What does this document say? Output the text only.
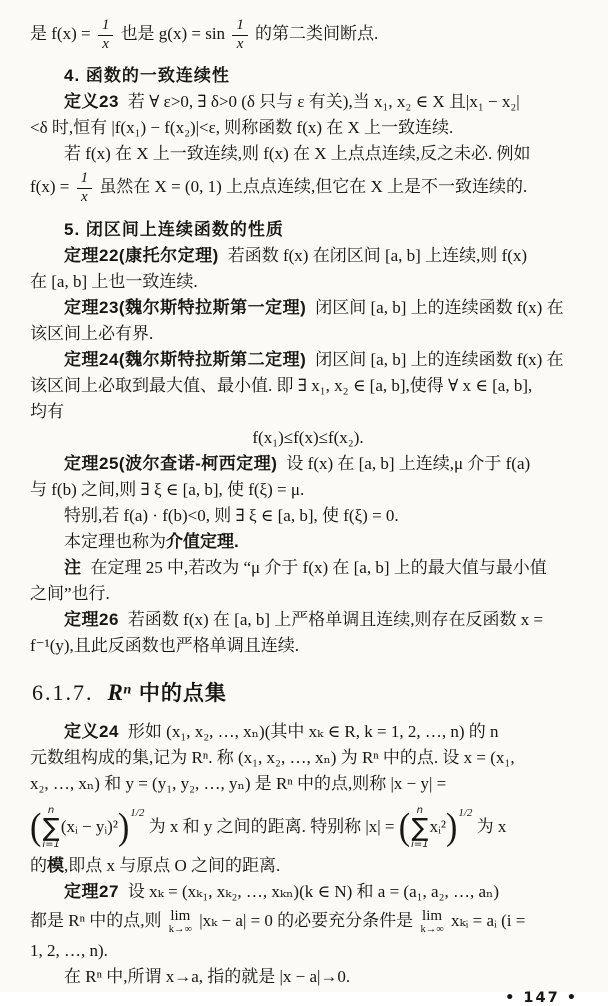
是 $f(x) = \frac{1}{x}$ 也是 $g(x) = \sin \frac{1}{x}$ 的第二类间断点.
4. 函数的一致连续性
定义23 若 ∀ ε>0, ∃ δ>0 (δ 只与 ε 有关),当 x₁, x₂ ∈ X 且|x₁ − x₂|
<δ 时,恒有 |f(x₁) − f(x₂)|<ε, 则称函数 f(x) 在 X 上一致连续.
若 f(x) 在 X 上一致连续,则 f(x) 在 X 上点点连续,反之未必. 例如
$f(x) = \frac{1}{x}$ 虽然在 X = (0, 1) 上点点连续,但它在 X 上是不一致连续的.
5. 闭区间上连续函数的性质
定理22(康托尔定理) 若函数 f(x) 在闭区间 [a, b] 上连续,则 f(x)
在 [a, b] 上也一致连续.
定理23(魏尔斯特拉斯第一定理) 闭区间 [a, b] 上的连续函数 f(x) 在
该区间上必有界.
定理24(魏尔斯特拉斯第二定理) 闭区间 [a, b] 上的连续函数 f(x) 在
该区间上必取到最大值、最小值. 即 ∃ x₁, x₂ ∈ [a, b],使得 ∀ x ∈ [a, b],
均有
f(x₁)≤f(x)≤f(x₂).
定理25(波尔查诺-柯西定理) 设 f(x) 在 [a, b] 上连续,μ 介于 f(a)
与 f(b) 之间,则 ∃ ξ ∈ [a, b], 使 f(ξ) = μ.
特别,若 f(a) · f(b)<0, 则 ∃ ξ ∈ [a, b], 使 f(ξ) = 0.
本定理也称为介值定理.
注 在定理 25 中,若改为 “μ 介于 f(x) 在 [a, b] 上的最大值与最小值
之间”也行.
定理26 若函数 f(x) 在 [a, b] 上严格单调且连续,则存在反函数 x =
f⁻¹(y),且此反函数也严格单调且连续.
6.1.7. Rⁿ 中的点集
定义24 形如 (x₁, x₂, …, xₙ)(其中 xₖ ∈ R, k = 1, 2, …, n) 的 n
元数组构成的集,记为 Rⁿ. 称 (x₁, x₂, …, xₙ) 为 Rⁿ 中的点. 设 x = (x₁,
x₂, …, xₙ) 和 y = (y₁, y₂, …, yₙ) 是 Rⁿ 中的点,则称 |x − y| =
( n
∑
i=1
(xᵢ − yᵢ)²)$^{1/2}$ 为 x 和 y 之间的距离. 特别称 |x| = ( n
∑
i=1
xᵢ²)$^{1/2}$ 为 x
的模,即点 x 与原点 O 之间的距离.
定理27 设 xₖ = (xₖ₁, xₖ₂, …, xₖₙ)(k ∈ N) 和 a = (a₁, a₂, …, aₙ)
都是 Rⁿ 中的点,则 lim
k→∞ |xₖ − a| = 0 的必要充分条件是 lim
k→∞ xₖᵢ = aᵢ (i =
1, 2, …, n).
在 Rⁿ 中,所谓 x→a, 指的就是 |x − a|→0.
• 147 •
